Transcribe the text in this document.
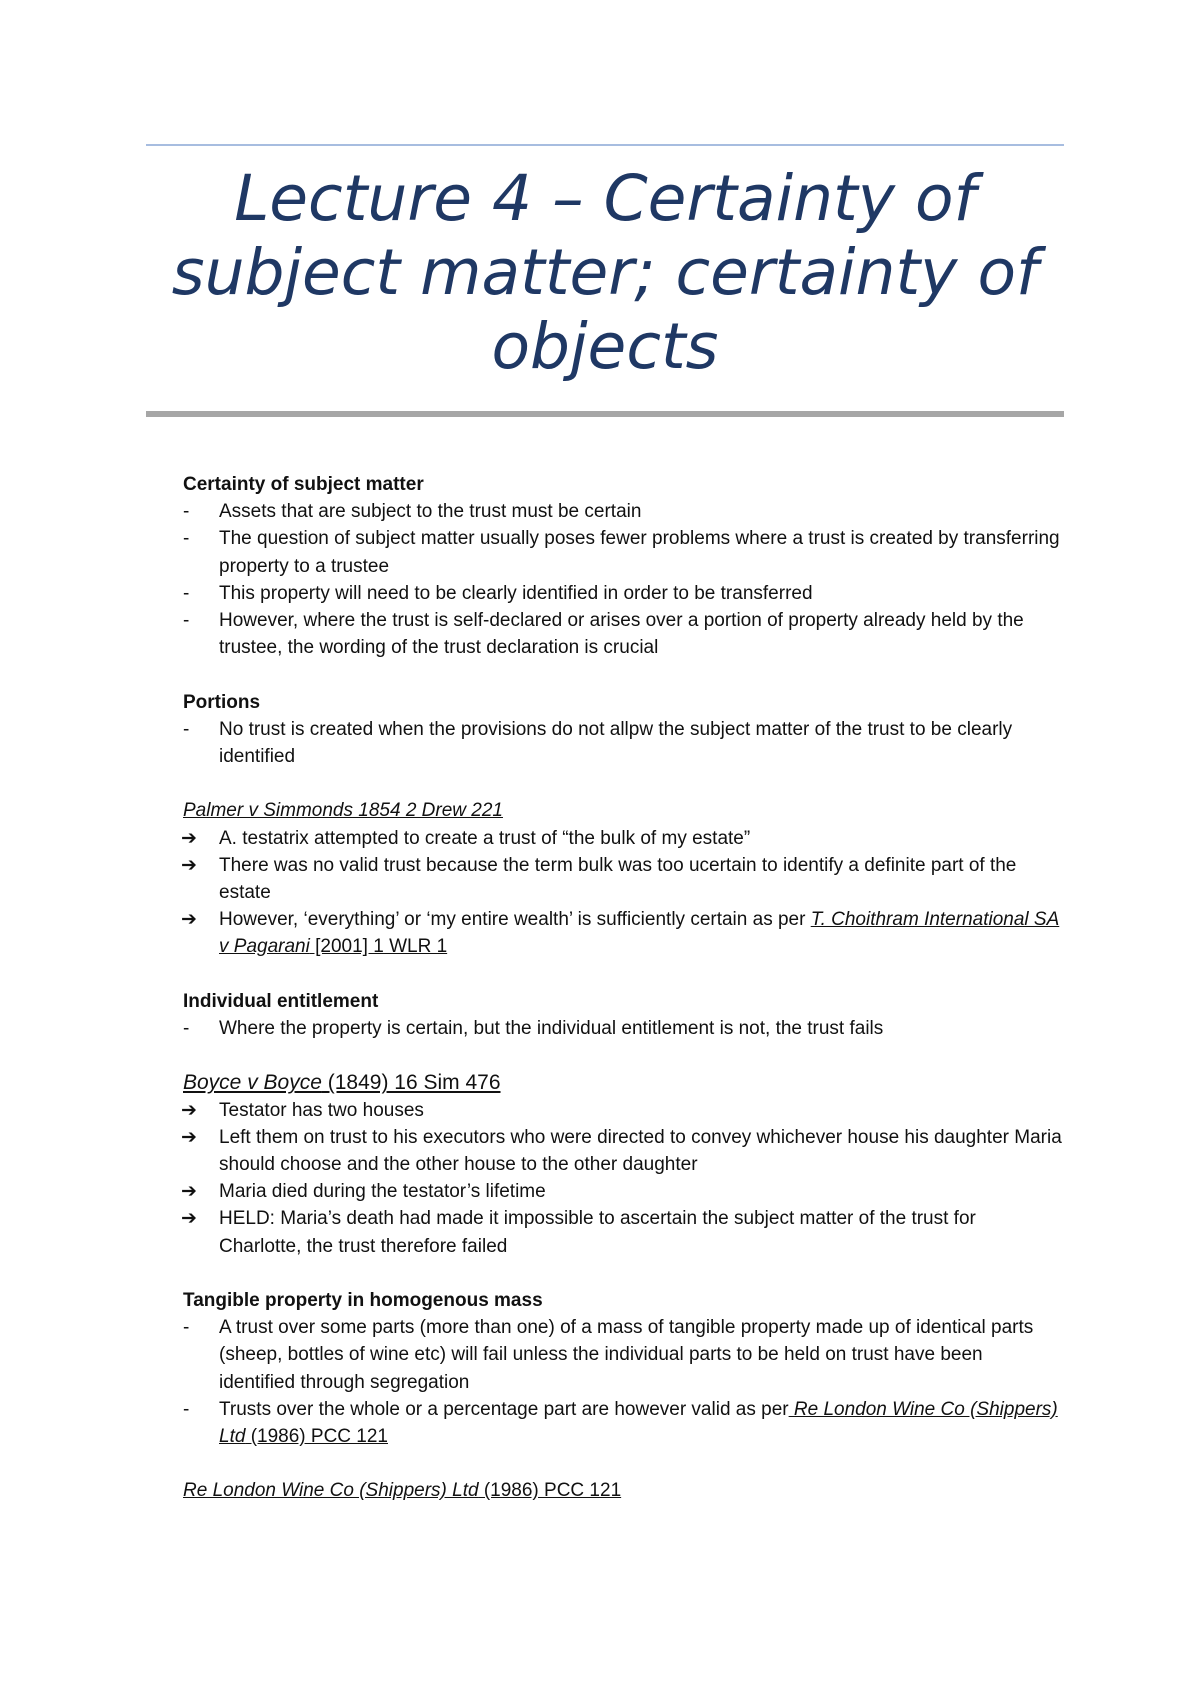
Lecture 4 – Certainty of subject matter; certainty of objects

Certainty of subject matter

-	Assets that are subject to the trust must be certain

-	The question of subject matter usually poses fewer problems where a trust is created by transferring property to a trustee

-	This property will need to be clearly identified in order to be transferred

-	However, where the trust is self-declared or arises over a portion of property already held by the trustee, the wording of the trust declaration is crucial

Portions

-	No trust is created when the provisions do not allpw the subject matter of the trust to be clearly identified

Palmer v Simmonds 1854 2 Drew 221

➔	A. testatrix attempted to create a trust of “the bulk of my estate”

➔	There was no valid trust because the term bulk was too ucertain to identify a definite part of the estate

➔	However, ‘everything’ or ‘my entire wealth’ is sufficiently certain as per T. Choithram International SA v Pagarani [2001] 1 WLR 1

Individual entitlement

-	Where the property is certain, but the individual entitlement is not, the trust fails

Boyce v Boyce (1849) 16 Sim 476

➔	Testator has two houses

➔	Left them on trust to his executors who were directed to convey whichever house his daughter Maria should choose and the other house to the other daughter

➔	Maria died during the testator’s lifetime

➔	HELD: Maria’s death had made it impossible to ascertain the subject matter of the trust for Charlotte, the trust therefore failed

Tangible property in homogenous mass

-	A trust over some parts (more than one) of a mass of tangible property made up of identical parts (sheep, bottles of wine etc) will fail unless the individual parts to be held on trust have been identified through segregation

-	Trusts over the whole or a percentage part are however valid as per Re London Wine Co (Shippers) Ltd (1986) PCC 121

Re London Wine Co (Shippers) Ltd (1986) PCC 121
